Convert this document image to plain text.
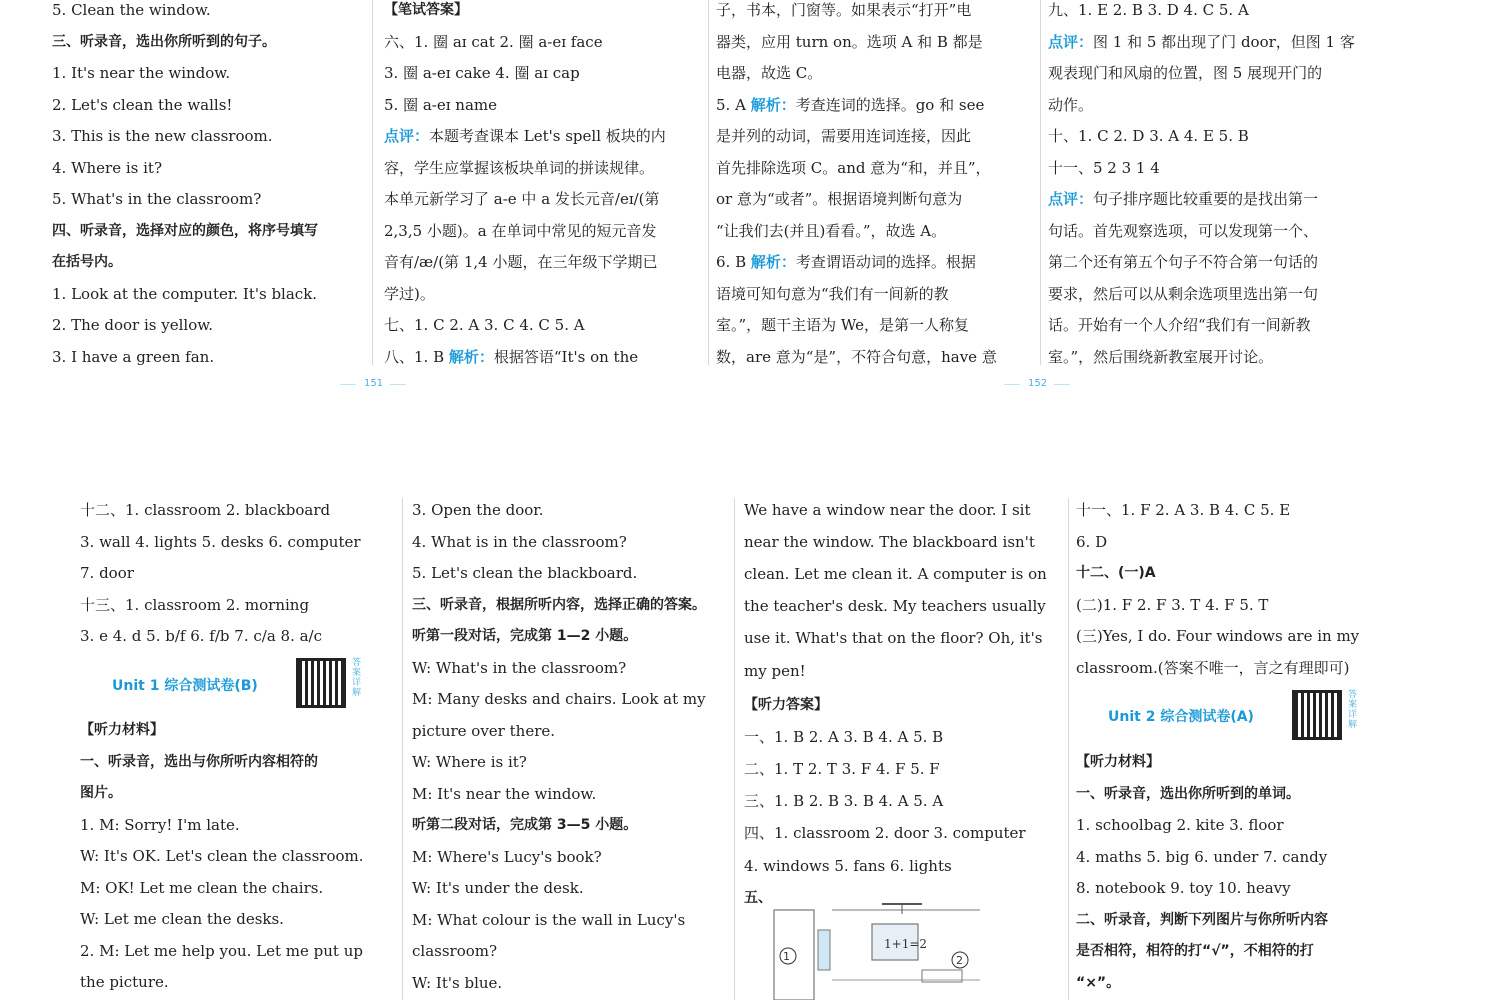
5. Clean the window.
三、听录音，选出你所听到的句子。
1. It's near the window.
2. Let's clean the walls!
3. This is the new classroom.
4. Where is it?
5. What's in the classroom?
四、听录音，选择对应的颜色，将序号填写
在括号内。
1. Look at the computer. It's black.
2. The door is yellow.
3. I have a green fan.
【笔试答案】
六、1. 圈 aɪ cat 2. 圈 a-eɪ face
3. 圈 a-eɪ cake 4. 圈 aɪ cap
5. 圈 a-eɪ name
点评：本题考查课本 Let's spell 板块的内
容，学生应掌握该板块单词的拼读规律。
本单元新学习了 a-e 中 a 发长元音/eɪ/(第
2,3,5 小题)。a 在单词中常见的短元音发
音有/æ/(第 1,4 小题，在三年级下学期已
学过)。
七、1. C 2. A 3. C 4. C 5. A
八、1. B 解析：根据答语“It's on the
子，书本，门窗等。如果表示“打开”电
器类，应用 turn on。选项 A 和 B 都是
电器，故选 C。
5. A 解析：考查连词的选择。go 和 see
是并列的动词，需要用连词连接，因此
首先排除选项 C。and 意为“和，并且”，
or 意为“或者”。根据语境判断句意为
“让我们去(并且)看看。”，故选 A。
6. B 解析：考查谓语动词的选择。根据
语境可知句意为“我们有一间新的教
室。”，题干主语为 We，是第一人称复
数，are 意为“是”，不符合句意，have 意
九、1. E 2. B 3. D 4. C 5. A
点评：图 1 和 5 都出现了门 door，但图 1 客
观表现门和风扇的位置，图 5 展现开门的
动作。
十、1. C 2. D 3. A 4. E 5. B
十一、5 2 3 1 4
点评：句子排序题比较重要的是找出第一
句话。首先观察选项，可以发现第一个、
第二个还有第五个句子不符合第一句话的
要求，然后可以从剩余选项里选出第一句
话。开始有一个人介绍“我们有一间新教
室。”，然后围绕新教室展开讨论。
151	152
十二、1. classroom 2. blackboard
3. wall 4. lights 5. desks 6. computer
7. door
十三、1. classroom 2. morning
3. e 4. d 5. b/f 6. f/b 7. c/a 8. a/c
Unit 1 综合测试卷(B)
答案详解
【听力材料】
一、听录音，选出与你所听内容相符的
图片。
1. M: Sorry! I'm late.
W: It's OK. Let's clean the classroom.
M: OK! Let me clean the chairs.
W: Let me clean the desks.
2. M: Let me help you. Let me put up
the picture.
3. Open the door.
4. What is in the classroom?
5. Let's clean the blackboard.
三、听录音，根据所听内容，选择正确的答案。
听第一段对话，完成第 1—2 小题。
W: What's in the classroom?
M: Many desks and chairs. Look at my
picture over there.
W: Where is it?
M: It's near the window.
听第二段对话，完成第 3—5 小题。
M: Where's Lucy's book?
W: It's under the desk.
M: What colour is the wall in Lucy's
classroom?
W: It's blue.
We have a window near the door. I sit
near the window. The blackboard isn't
clean. Let me clean it. A computer is on
the teacher's desk. My teachers usually
use it. What's that on the floor? Oh, it's
my pen!
【听力答案】
一、1. B 2. A 3. B 4. A 5. B
二、1. T 2. T 3. F 4. F 5. F
三、1. B 2. B 3. B 4. A 5. A
四、1. classroom 2. door 3. computer
4. windows 5. fans 6. lights
五、
1+1=2
1	2
十一、1. F 2. A 3. B 4. C 5. E
6. D
十二、(一)A
(二)1. F 2. F 3. T 4. F 5. T
(三)Yes, I do. Four windows are in my
classroom.(答案不唯一，言之有理即可)
Unit 2 综合测试卷(A)
答案详解
【听力材料】
一、听录音，选出你所听到的单词。
1. schoolbag 2. kite 3. floor
4. maths 5. big 6. under 7. candy
8. notebook 9. toy 10. heavy
二、听录音，判断下列图片与你所听内容
是否相符，相符的打“√”，不相符的打
“×”。
